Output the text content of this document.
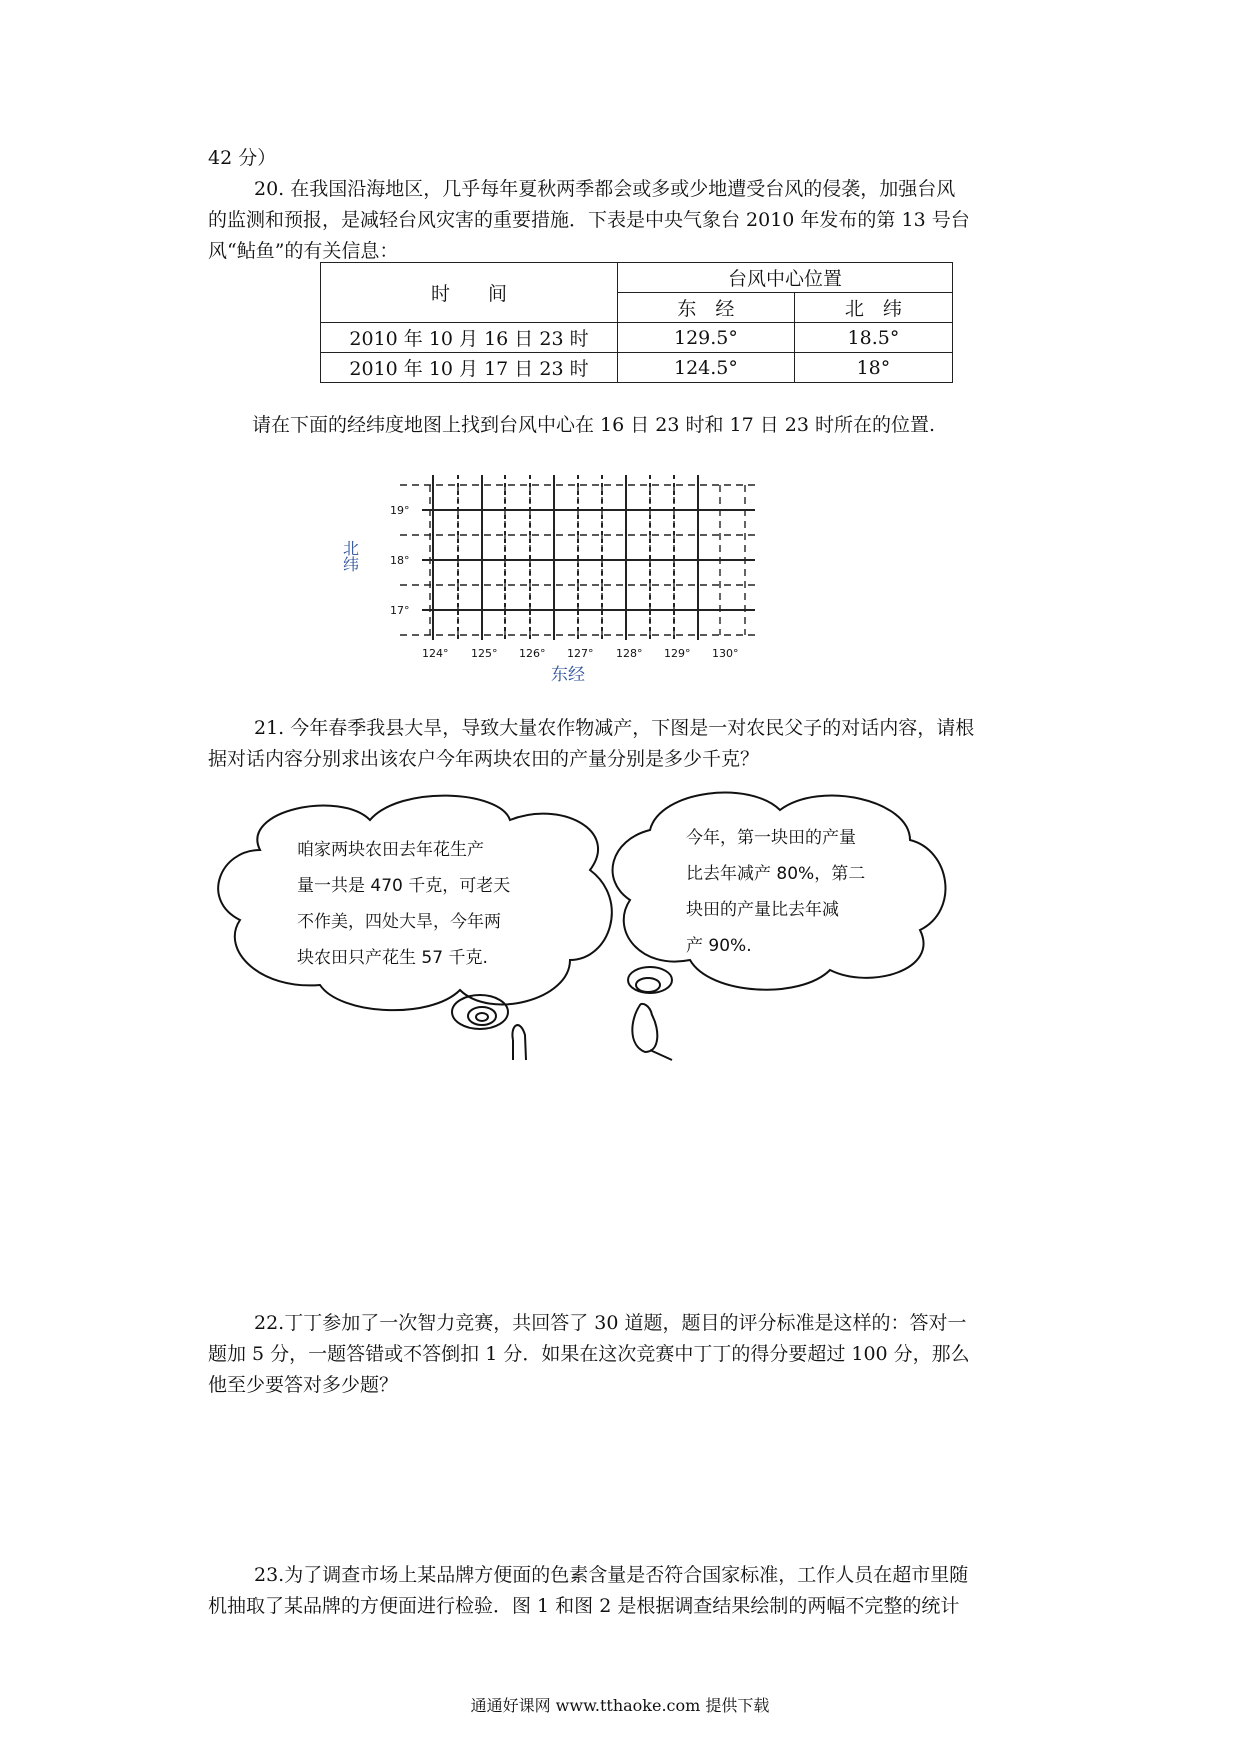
42 分）

20. 在我国沿海地区，几乎每年夏秋两季都会或多或少地遭受台风的侵袭，加强台风

的监测和预报，是减轻台风灾害的重要措施．下表是中央气象台 2010 年发布的第 13 号台

风“鲇鱼”的有关信息：

时　　间	台风中心位置	
	东　经	北　纬
2010 年 10 月 16 日 23 时	129.5°	18.5°
2010 年 10 月 17 日 23 时	124.5°	18°
请在下面的经纬度地图上找到台风中心在 16 日 23 时和 17 日 23 时所在的位置.
19°
18°
17°
124° 125° 126° 127° 128° 129° 130°
北纬
东经

21. 今年春季我县大旱，导致大量农作物减产，下图是一对农民父子的对话内容，请根

据对话内容分别求出该农户今年两块农田的产量分别是多少千克？

咱家两块农田去年花生产
量一共是 470 千克，可老天
不作美，四处大旱，今年两
块农田只产花生 57 千克.
今年，第一块田的产量
比去年减产 80%，第二
块田的产量比去年减
产 90%.

22.丁丁参加了一次智力竞赛，共回答了 30 道题，题目的评分标准是这样的：答对一

题加 5 分，一题答错或不答倒扣 1 分．如果在这次竞赛中丁丁的得分要超过 100 分，那么

他至少要答对多少题？

23.为了调查市场上某品牌方便面的色素含量是否符合国家标准，工作人员在超市里随

机抽取了某品牌的方便面进行检验．图 1 和图 2 是根据调查结果绘制的两幅不完整的统计

通通好课网 www.tthaoke.com 提供下载
